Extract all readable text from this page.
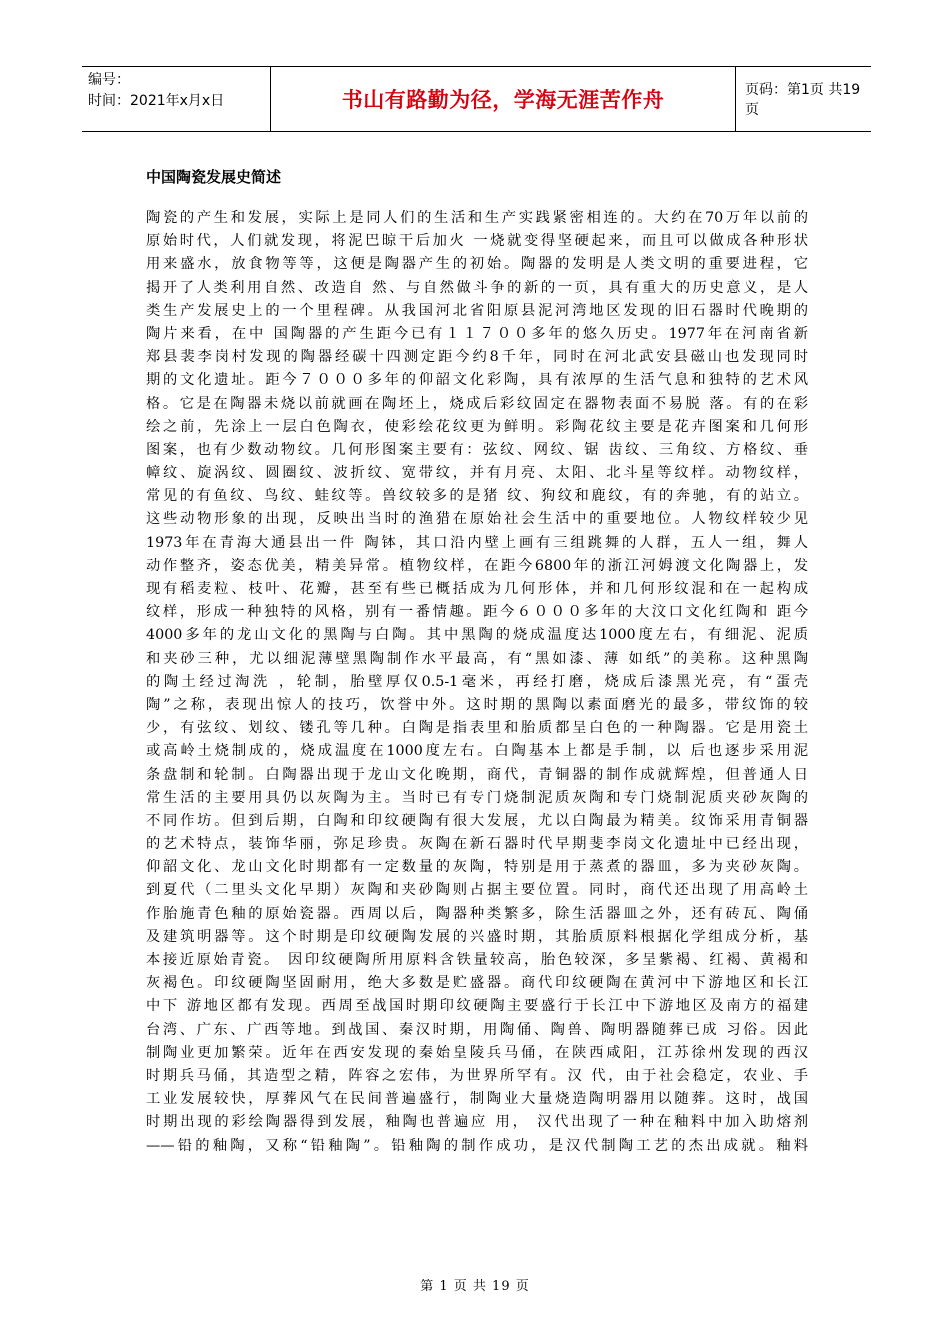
编号：
时间：2021年x月x日	书山有路勤为径，学海无涯苦作舟	页码：第1页 共19页
中国陶瓷发展史简述
陶瓷的产生和发展，实际上是同人们的生活和生产实践紧密相连的。大约在70万年以前的
原始时代，人们就发现，将泥巴晾干后加火 一烧就变得坚硬起来，而且可以做成各种形状
用来盛水，放食物等等，这便是陶器产生的初始。陶器的发明是人类文明的重要进程，它
揭开了人类利用自然、改造自 然、与自然做斗争的新的一页，具有重大的历史意义，是人
类生产发展史上的一个里程碑。从我国河北省阳原县泥河湾地区发现的旧石器时代晚期的
陶片来看，在中 国陶器的产生距今已有１１７００多年的悠久历史。1977年在河南省新
郑县裴李岗村发现的陶器经碳十四测定距今约8千年，同时在河北武安县磁山也发现同时
期的文化遗址。距今７０００多年的仰韶文化彩陶，具有浓厚的生活气息和独特的艺术风
格。它是在陶器未烧以前就画在陶坯上，烧成后彩纹固定在器物表面不易脱 落。有的在彩
绘之前，先涂上一层白色陶衣，使彩绘花纹更为鲜明。彩陶花纹主要是花卉图案和几何形
图案，也有少数动物纹。几何形图案主要有：弦纹、网纹、锯 齿纹、三角纹、方格纹、垂
幛纹、旋涡纹、圆圈纹、波折纹、宽带纹，并有月亮、太阳、北斗星等纹样。动物纹样，
常见的有鱼纹、鸟纹、蛙纹等。兽纹较多的是猪 纹、狗纹和鹿纹，有的奔驰，有的站立。
这些动物形象的出现，反映出当时的渔猎在原始社会生活中的重要地位。人物纹样较少见
1973年在青海大通县出一件 陶钵，其口沿内壁上画有三组跳舞的人群，五人一组，舞人
动作整齐，姿态优美，精美异常。植物纹样，在距今6800年的浙江河姆渡文化陶器上，发
现有稻麦粒、枝叶、花瓣，甚至有些已概括成为几何形体，并和几何形纹混和在一起构成
纹样，形成一种独特的风格，别有一番情趣。距今６０００多年的大汶口文化红陶和 距今
4000多年的龙山文化的黑陶与白陶。其中黑陶的烧成温度达1000度左右，有细泥、泥质
和夹砂三种，尤以细泥薄壁黑陶制作水平最高，有“黑如漆、薄 如纸”的美称。这种黑陶
的陶土经过淘洗 ，轮制，胎壁厚仅0.5-1毫米，再经打磨，烧成后漆黑光亮，有“蛋壳
陶”之称，表现出惊人的技巧，饮誉中外。这时期的黑陶以素面磨光的最多，带纹饰的较
少，有弦纹、划纹、镂孔等几种。白陶是指表里和胎质都呈白色的一种陶器。它是用瓷土
或高岭土烧制成的，烧成温度在1000度左右。白陶基本上都是手制，以 后也逐步采用泥
条盘制和轮制。白陶器出现于龙山文化晚期，商代，青铜器的制作成就辉煌，但普通人日
常生活的主要用具仍以灰陶为主。当时已有专门烧制泥质灰陶和专门烧制泥质夹砂灰陶的
不同作坊。但到后期，白陶和印纹硬陶有很大发展，尤以白陶最为精美。纹饰采用青铜器
的艺术特点，装饰华丽，弥足珍贵。灰陶在新石器时代早期斐李岗文化遗址中已经出现，
仰韶文化、龙山文化时期都有一定数量的灰陶，特别是用于蒸煮的器皿，多为夹砂灰陶。
到夏代（二里头文化早期）灰陶和夹砂陶则占据主要位置。同时，商代还出现了用高岭土
作胎施青色釉的原始瓷器。西周以后，陶器种类繁多，除生活器皿之外，还有砖瓦、陶俑
及建筑明器等。这个时期是印纹硬陶发展的兴盛时期，其胎质原料根据化学组成分析，基
本接近原始青瓷。 因印纹硬陶所用原料含铁量较高，胎色较深，多呈紫褐、红褐、黄褐和
灰褐色。印纹硬陶坚固耐用，绝大多数是贮盛器。商代印纹硬陶在黄河中下游地区和长江
中下 游地区都有发现。西周至战国时期印纹硬陶主要盛行于长江中下游地区及南方的福建
台湾、广东、广西等地。到战国、秦汉时期，用陶俑、陶兽、陶明器随葬已成 习俗。因此
制陶业更加繁荣。近年在西安发现的秦始皇陵兵马俑，在陕西咸阳，江苏徐州发现的西汉
时期兵马俑，其造型之精，阵容之宏伟，为世界所罕有。汉 代，由于社会稳定，农业、手
工业发展较快，厚葬风气在民间普遍盛行，制陶业大量烧造陶明器用以随葬。这时，战国
时期出现的彩绘陶器得到发展，釉陶也普遍应 用， 汉代出现了一种在釉料中加入助熔剂
——铅的釉陶，又称“铅釉陶”。铅釉陶的制作成功，是汉代制陶工艺的杰出成就。釉料
第 1 页 共 19 页
